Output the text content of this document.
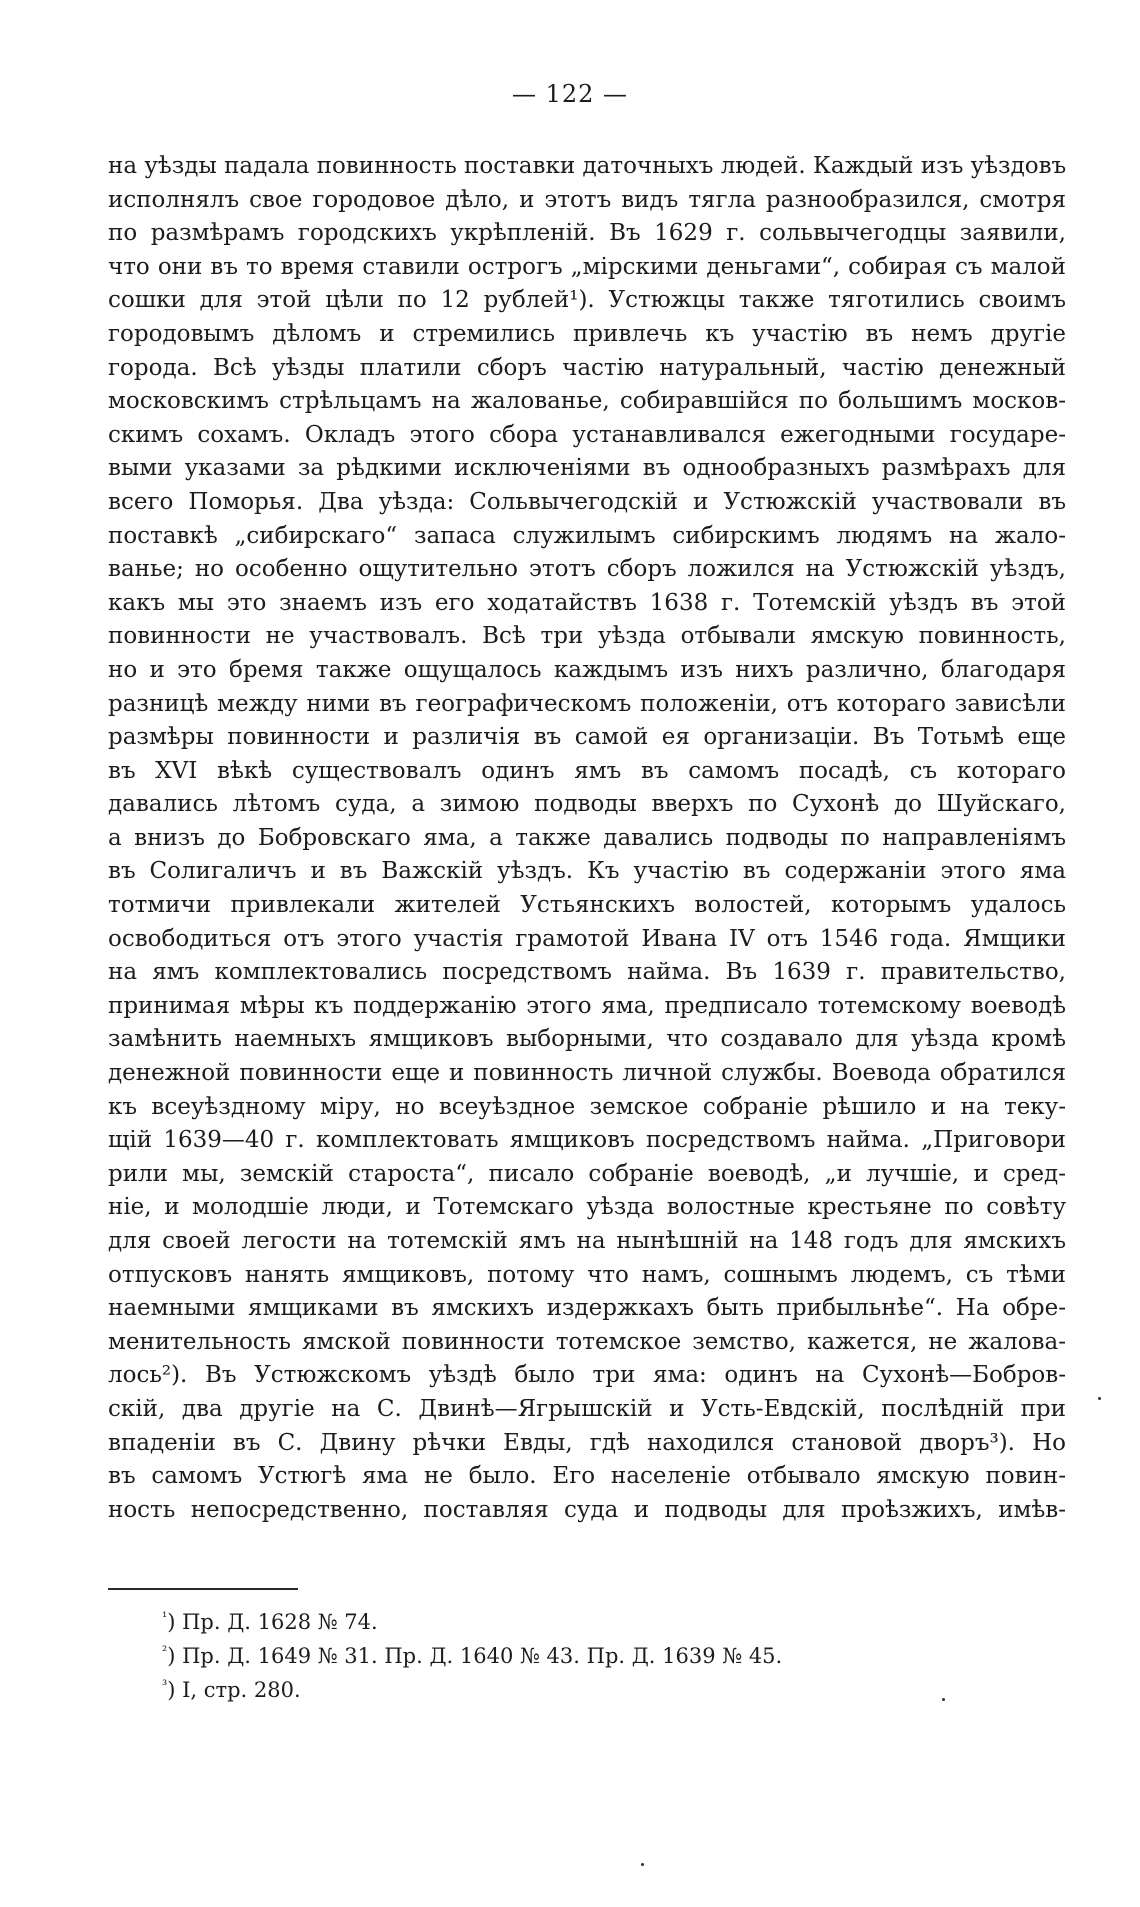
— 122 —
на уѣзды падала повинность поставки даточныхъ людей. Каждый изъ уѣздовъ
исполнялъ свое городовое дѣло, и этотъ видъ тягла разнообразился, смотря
по размѣрамъ городскихъ укрѣпленій. Въ 1629 г. сольвычегодцы заявили,
что они въ то время ставили острогъ „мірскими деньгами“, собирая съ малой
сошки для этой цѣли по 12 рублей¹). Устюжцы также тяготились своимъ
городовымъ дѣломъ и стремились привлечь къ участію въ немъ другіе
города. Всѣ уѣзды платили сборъ частію натуральный, частію денежный
московскимъ стрѣльцамъ на жалованье, собиравшійся по большимъ москов-
скимъ сохамъ. Окладъ этого сбора устанавливался ежегодными государе-
выми указами за рѣдкими исключеніями въ однообразныхъ размѣрахъ для
всего Поморья. Два уѣзда: Сольвычегодскій и Устюжскій участвовали въ
поставкѣ „сибирскаго“ запаса служилымъ сибирскимъ людямъ на жало-
ванье; но особенно ощутительно этотъ сборъ ложился на Устюжскій уѣздъ,
какъ мы это знаемъ изъ его ходатайствъ 1638 г. Тотемскій уѣздъ въ этой
повинности не участвовалъ. Всѣ три уѣзда отбывали ямскую повинность,
но и это бремя также ощущалось каждымъ изъ нихъ различно, благодаря
разницѣ между ними въ географическомъ положеніи, отъ котораго зависѣли
размѣры повинности и различія въ самой ея организаціи. Въ Тотьмѣ еще
въ XVI вѣкѣ существовалъ одинъ ямъ въ самомъ посадѣ, съ котораго
давались лѣтомъ суда, а зимою подводы вверхъ по Сухонѣ до Шуйскаго,
а внизъ до Бобровскаго яма, а также давались подводы по направленіямъ
въ Солигаличъ и въ Важскій уѣздъ. Къ участію въ содержаніи этого яма
тотмичи привлекали жителей Устьянскихъ волостей, которымъ удалось
освободиться отъ этого участія грамотой Ивана IV отъ 1546 года. Ямщики
на ямъ комплектовались посредствомъ найма. Въ 1639 г. правительство,
принимая мѣры къ поддержанію этого яма, предписало тотемскому воеводѣ
замѣнить наемныхъ ямщиковъ выборными, что создавало для уѣзда кромѣ
денежной повинности еще и повинность личной службы. Воевода обратился
къ всеуѣздному міру, но всеуѣздное земское собраніе рѣшило и на теку-
щій 1639—40 г. комплектовать ямщиковъ посредствомъ найма. „Приговори
рили мы, земскій староста“, писало собраніе воеводѣ, „и лучшіе, и сред-
ніе, и молодшіе люди, и Тотемскаго уѣзда волостные крестьяне по совѣту
для своей легости на тотемскій ямъ на нынѣшній на 148 годъ для ямскихъ
отпусковъ нанять ямщиковъ, потому что намъ, сошнымъ людемъ, съ тѣми
наемными ямщиками въ ямскихъ издержкахъ быть прибыльнѣе“. На обре-
менительность ямской повинности тотемское земство, кажется, не жалова-
лось²). Въ Устюжскомъ уѣздѣ было три яма: одинъ на Сухонѣ—Бобров-
скій, два другіе на С. Двинѣ—Ягрышскій и Усть-Евдскій, послѣдній при
впаденіи въ С. Двину рѣчки Евды, гдѣ находился становой дворъ³). Но
въ самомъ Устюгѣ яма не было. Его населеніе отбывало ямскую повин-
ность непосредственно, поставляя суда и подводы для проѣзжихъ, имѣв-
$^{^1}$) Пр. Д. 1628 № 74.
$^{^2}$) Пр. Д. 1649 № 31. Пр. Д. 1640 № 43. Пр. Д. 1639 № 45.
$^{^3}$) I, стр. 280.
